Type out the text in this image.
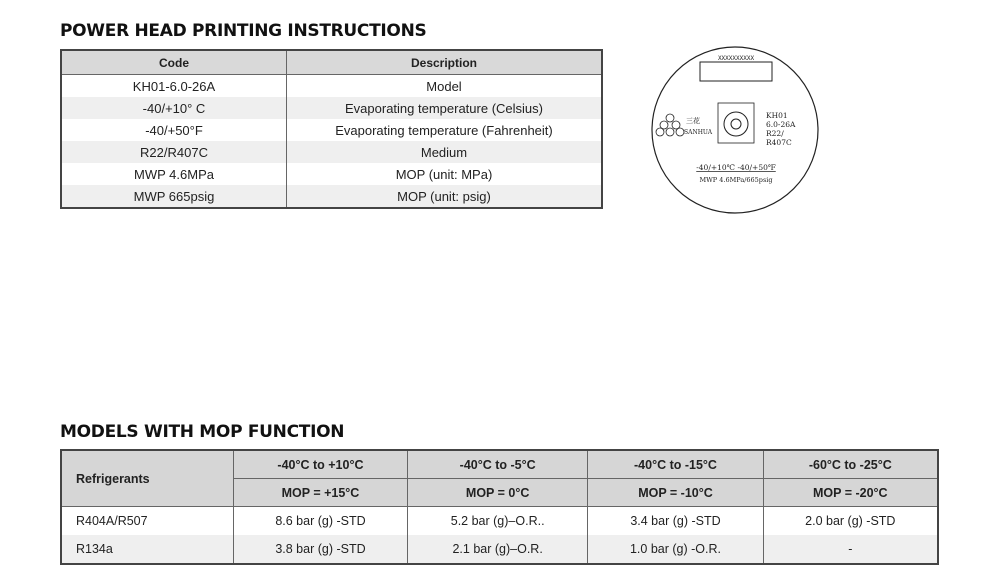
POWER HEAD PRINTING INSTRUCTIONS
Code	Description
KH01-6.0-26A	Model
-40/+10° C	Evaporating temperature (Celsius)
-40/+50°F	Evaporating temperature (Fahrenheit)
R22/R407C	Medium
MWP 4.6MPa	MOP (unit: MPa)
MWP 665psig	MOP (unit: psig)
XXXXXXXXXX
三花
SANHUA
KH01
6.0-26A
R22/
R407C
-40/+10℃ -40/+50℉
MWP 4.6MPa/665psig
MODELS WITH MOP FUNCTION
Refrigerants	-40°C to +10°C	-40°C to -5°C	-40°C to -15°C	-60°C to -25°C
	MOP = +15°C	MOP = 0°C	MOP = -10°C	MOP = -20°C
R404A/R507	8.6 bar (g) -STD	5.2 bar (g)–O.R..	3.4 bar (g) -STD	2.0 bar (g) -STD
R134a	3.8 bar (g) -STD	2.1 bar (g)–O.R.	1.0 bar (g) -O.R.	-
